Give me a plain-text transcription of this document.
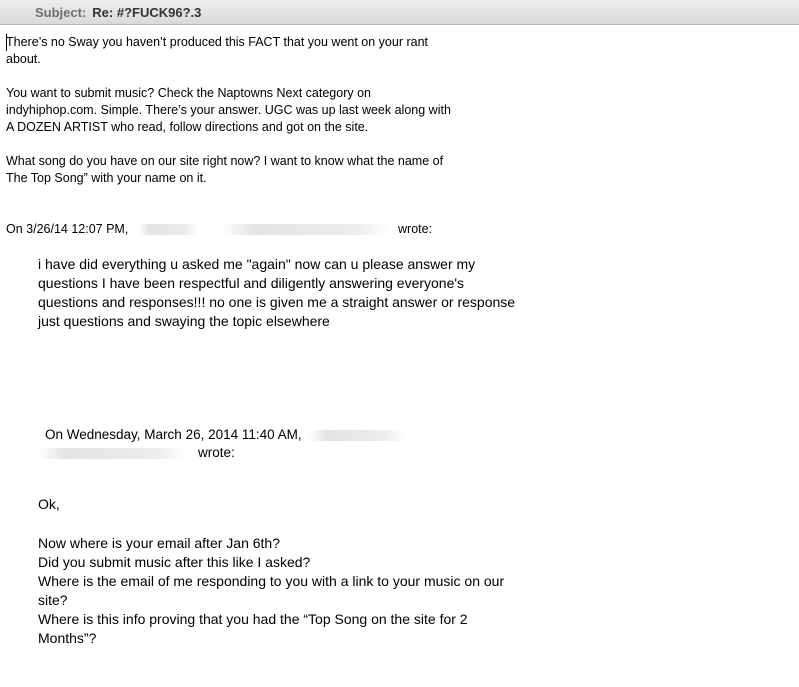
Subject: Re: #?FUCK96?.3

There’s no Sway you haven’t produced this FACT that you went on your rant
about.

You want to submit music? Check the Naptowns Next category on
indyhiphop.com. Simple. There’s your answer. UGC was up last week along with
A DOZEN ARTIST who read, follow directions and got on the site.

What song do you have on our site right now? I want to know what the name of
The Top Song” with your name on it.

On 3/26/14 12:07 PM,	wrote:

i have did everything u asked me "again" now can u please answer my
questions I have been respectful and diligently answering everyone's
questions and responses!!! no one is given me a straight answer or response
just questions and swaying the topic elsewhere

On Wednesday, March 26, 2014 11:40 AM,

wrote:

Ok,

Now where is your email after Jan 6th?
Did you submit music after this like I asked?
Where is the email of me responding to you with a link to your music on our
site?
Where is this info proving that you had the “Top Song on the site for 2
Months”?
